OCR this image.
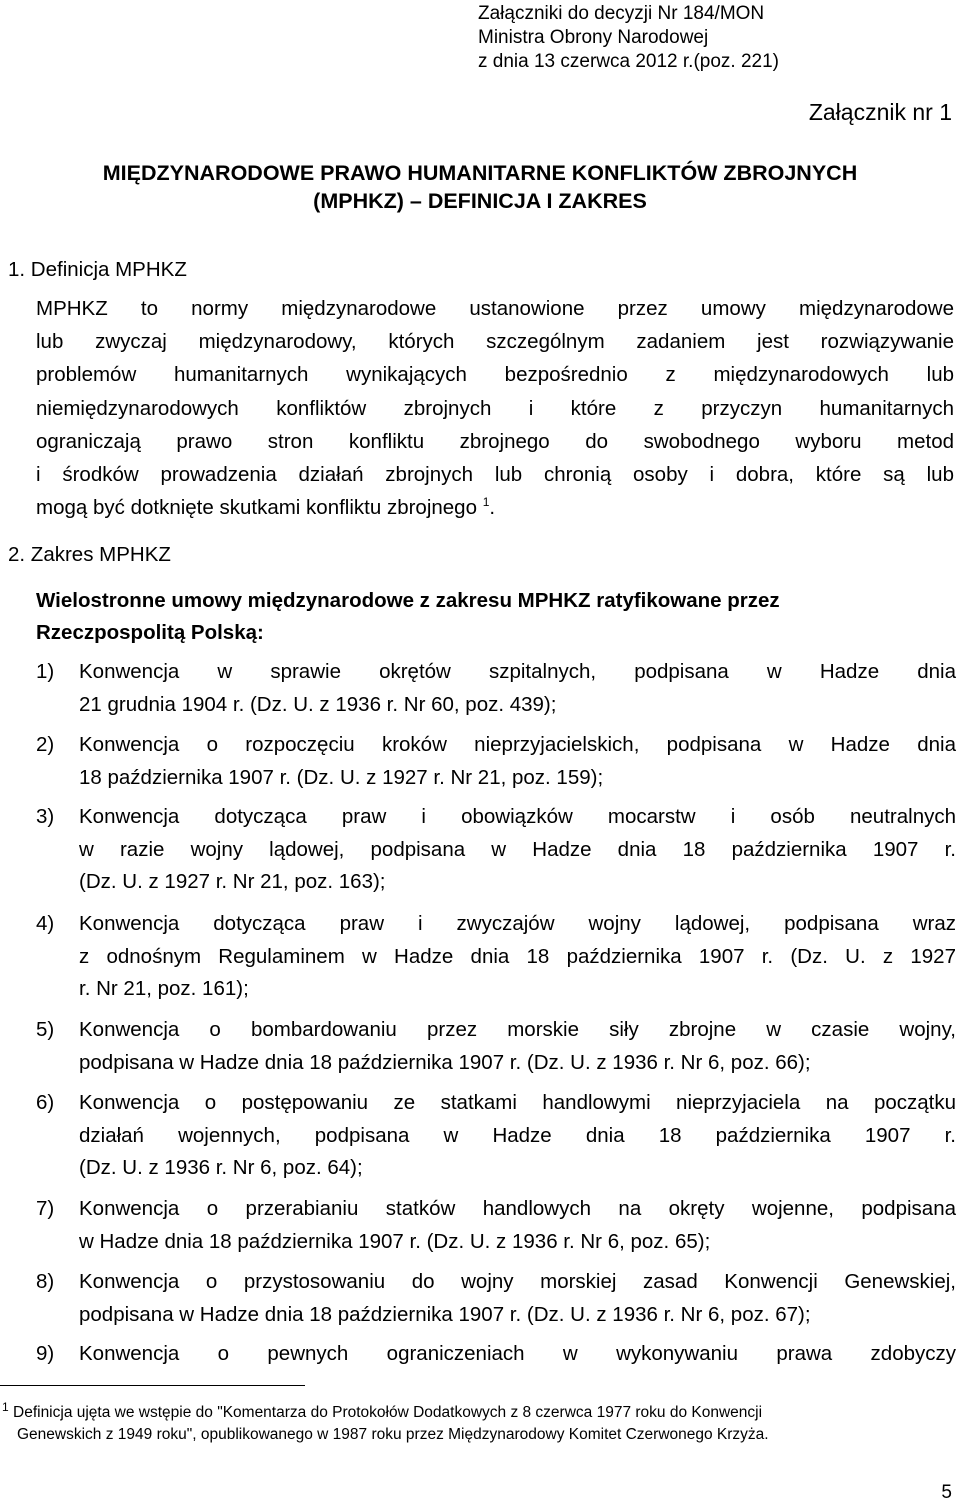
Załączniki do decyzji Nr 184/MON
Ministra Obrony Narodowej
z dnia 13 czerwca 2012 r.(poz. 221)
Załącznik nr 1
MIĘDZYNARODOWE PRAWO HUMANITARNE KONFLIKTÓW ZBROJNYCH
(MPHKZ) – DEFINICJA I ZAKRES
1. Definicja MPHKZ
MPHKZ to normy międzynarodowe ustanowione przez umowy międzynarodowe
lub zwyczaj międzynarodowy, których szczególnym zadaniem jest rozwiązywanie
problemów humanitarnych wynikających bezpośrednio z międzynarodowych lub
niemiędzynarodowych konfliktów zbrojnych i które z przyczyn humanitarnych
ograniczają prawo stron konfliktu zbrojnego do swobodnego wyboru metod
i środków prowadzenia działań zbrojnych lub chronią osoby i dobra, które są lub
mogą być dotknięte skutkami konfliktu zbrojnego $^1$.
2. Zakres MPHKZ
Wielostronne umowy międzynarodowe z zakresu MPHKZ ratyfikowane przez
Rzeczpospolitą Polską:
1) Konwencja w sprawie okrętów szpitalnych, podpisana w Hadze dnia
21 grudnia 1904 r. (Dz. U. z 1936 r. Nr 60, poz. 439);
2) Konwencja o rozpoczęciu kroków nieprzyjacielskich, podpisana w Hadze dnia
18 października 1907 r. (Dz. U. z 1927 r. Nr 21, poz. 159);
3) Konwencja dotycząca praw i obowiązków mocarstw i osób neutralnych
w razie wojny lądowej, podpisana w Hadze dnia 18 października 1907 r.
(Dz. U. z 1927 r. Nr 21, poz. 163);
4) Konwencja dotycząca praw i zwyczajów wojny lądowej, podpisana wraz
z odnośnym Regulaminem w Hadze dnia 18 października 1907 r. (Dz. U. z 1927
r. Nr 21, poz. 161);
5) Konwencja o bombardowaniu przez morskie siły zbrojne w czasie wojny,
podpisana w Hadze dnia 18 października 1907 r. (Dz. U. z 1936 r. Nr 6, poz. 66);
6) Konwencja o postępowaniu ze statkami handlowymi nieprzyjaciela na początku
działań wojennych, podpisana w Hadze dnia 18 października 1907 r.
(Dz. U. z 1936 r. Nr 6, poz. 64);
7) Konwencja o przerabianiu statków handlowych na okręty wojenne, podpisana
w Hadze dnia 18 października 1907 r. (Dz. U. z 1936 r. Nr 6, poz. 65);
8) Konwencja o przystosowaniu do wojny morskiej zasad Konwencji Genewskiej,
podpisana w Hadze dnia 18 października 1907 r. (Dz. U. z 1936 r. Nr 6, poz. 67);
9) Konwencja o pewnych ograniczeniach w wykonywaniu prawa zdobyczy
$^1$ Definicja ujęta we wstępie do "Komentarza do Protokołów Dodatkowych z 8 czerwca 1977 roku do Konwencji
Genewskich z 1949 roku", opublikowanego w 1987 roku przez Międzynarodowy Komitet Czerwonego Krzyża.
5
